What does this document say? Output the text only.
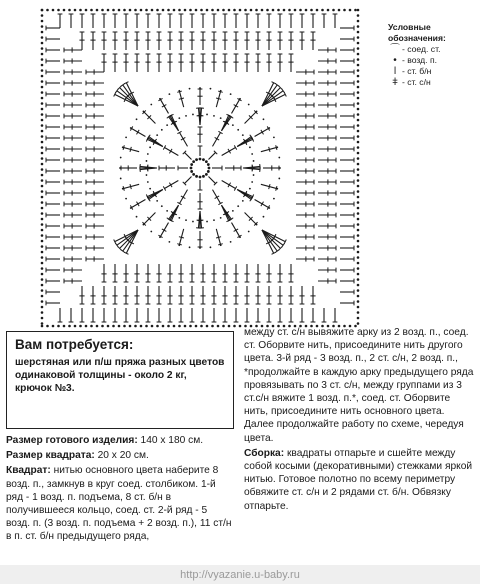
Условные
обозначения:
⌒ - соед. ст.
• - возд. п.
ǀ - ст. б/н
ǂ - ст. с/н
Вам потребуется:
шерстяная или п/ш пряжа разных цветов одинаковой толщины - около 2 кг, крючок №3.

Размер готового изделия: 140 х 180 см.

Размер квадрата: 20 х 20 см.

Квадрат: нитью основного цвета наберите 8 возд. п., замкнув в круг соед. столбиком. 1-й ряд - 1 возд. п. подъема, 8 ст. б/н в получившееся кольцо, соед. ст. 2-й ряд - 5 возд. п. (3 возд. п. подъема + 2 возд. п.), 11 ст/н в п. ст. б/н предыдущего ряда,

между ст. с/н вывяжите арку из 2 возд. п., соед. ст. Оборвите нить, присоедините нить другого цвета. 3-й ряд - 3 возд. п., 2 ст. с/н, 2 возд. п., *продолжайте в каждую арку предыдущего ряда провязывать по 3 ст. с/н, между группами из 3 ст.с/н вяжите 1 возд. п.*, соед. ст. Оборвите нить, присоедините нить основного цвета. Далее продолжайте работу по схеме, чередуя цвета.

Сборка: квадраты отпарьте и сшейте между собой косыми (декоративными) стежками яркой нитью. Готовое полотно по всему периметру обвяжите ст. с/н и 2 рядами ст. б/н. Обвязку отпарьте.

http://vyazanie.u-baby.ru
